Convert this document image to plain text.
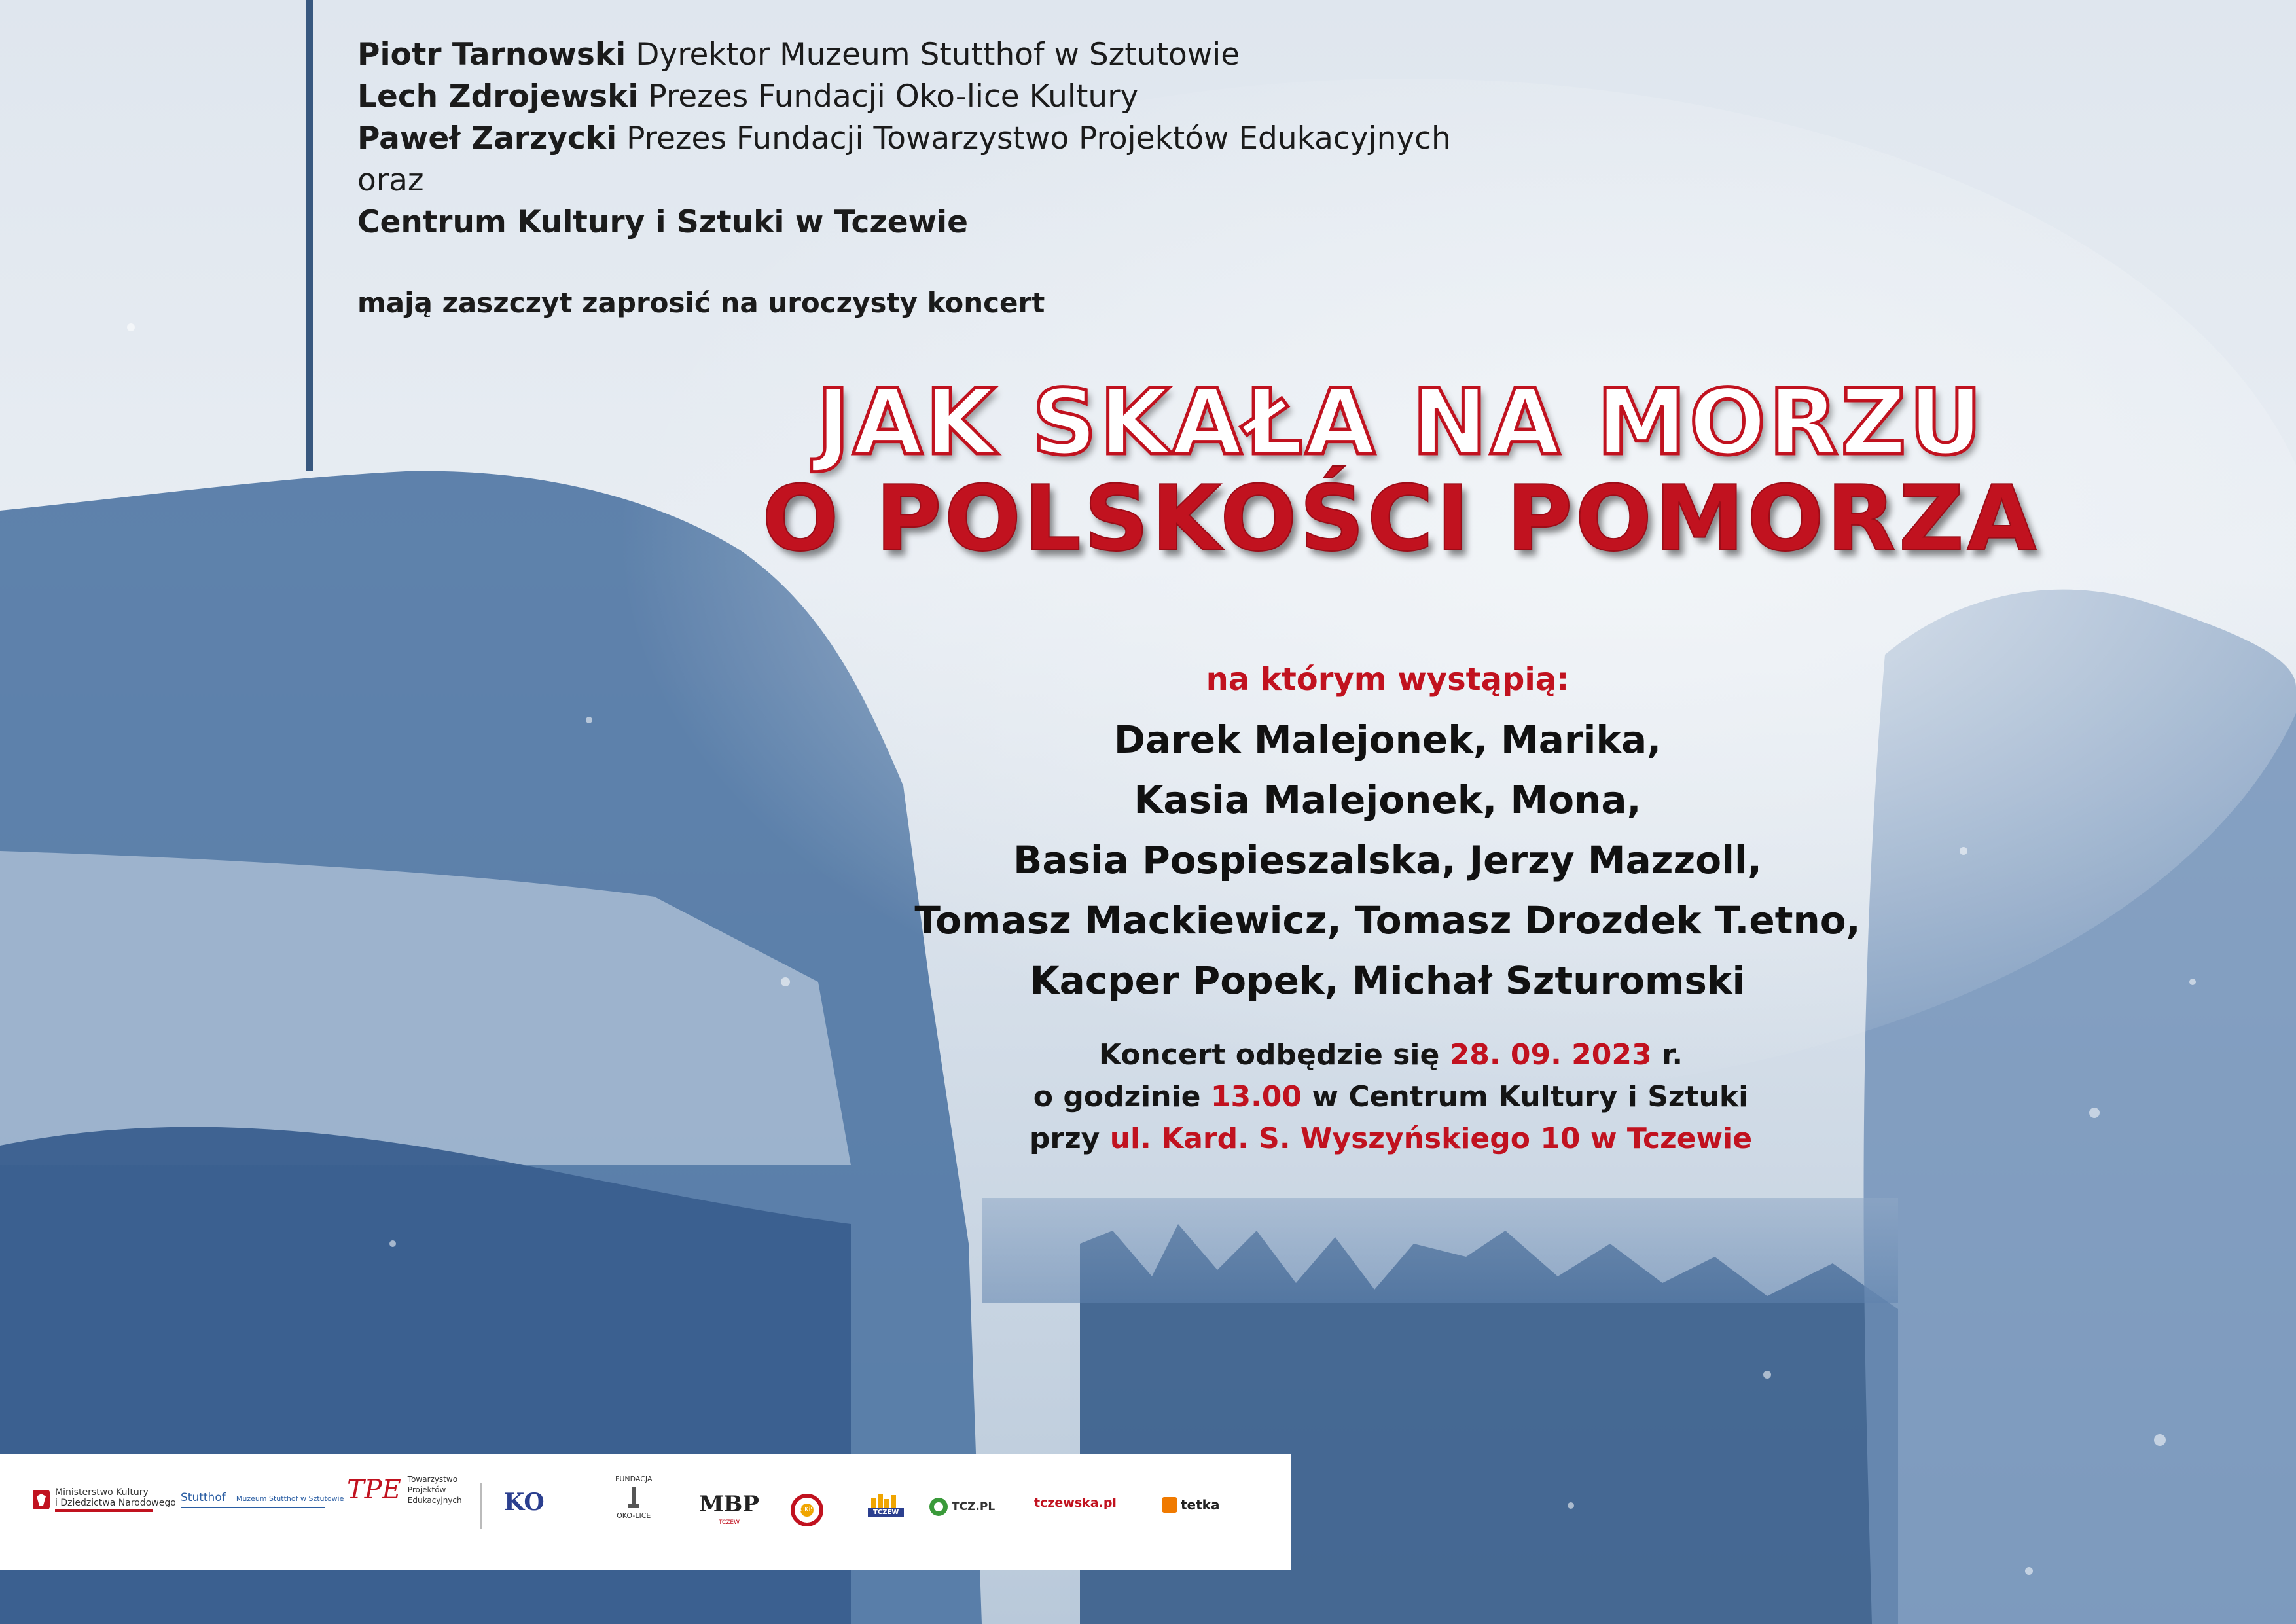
Piotr Tarnowski Dyrektor Muzeum Stutthof w Sztutowie
Lech Zdrojewski Prezes Fundacji Oko-lice Kultury
Paweł Zarzycki Prezes Fundacji Towarzystwo Projektów Edukacyjnych
oraz
Centrum Kultury i Sztuki w Tczewie
mają zaszczyt zaprosić na uroczysty koncert
JAK SKAŁA NA MORZU
O POLSKOŚCI POMORZA
na którym wystąpią:
Darek Malejonek, Marika,
Kasia Malejonek, Mona,
Basia Pospieszalska, Jerzy Mazzoll,
Tomasz Mackiewicz, Tomasz Drozdek T.etno,
Kacper Popek, Michał Szturomski
Koncert odbędzie się 28. 09. 2023 r.
o godzinie 13.00 w Centrum Kultury i Sztuki
przy ul. Kard. S. Wyszyńskiego 10 w Tczewie
Ministerstwo Kultury
i Dziedzictwa Narodowego Stutthof Muzeum Stutthof w Sztutowie TPE Towarzystwo
Projektów
Edukacyjnych KO
FUNDACJA
OKO-LICE MBP
TCZEW
CKiS	TCZEW	TCZ.PL	tczewska.pl	tetka
